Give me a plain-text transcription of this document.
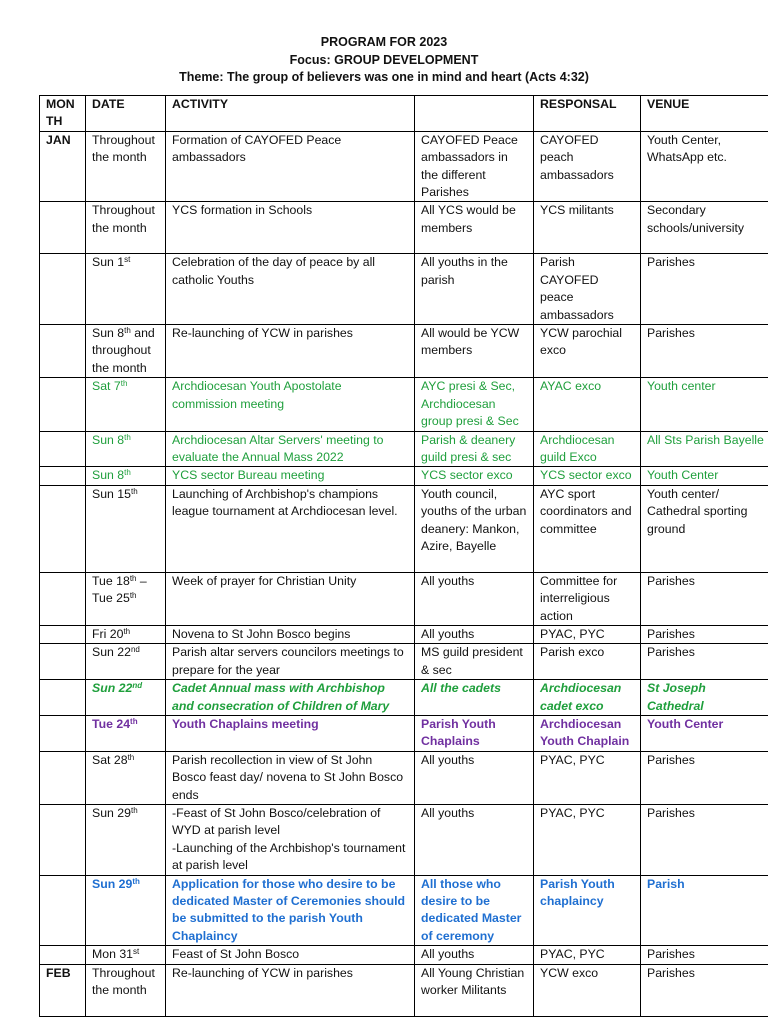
PROGRAM FOR 2023
Focus: GROUP DEVELOPMENT
Theme: The group of believers was one in mind and heart (Acts 4:32)
MON TH	DATE	ACTIVITY		RESPONSAL	VENUE
JAN	Throughout the month	Formation of CAYOFED Peace ambassadors	CAYOFED Peace ambassadors in the different Parishes	CAYOFED peach ambassadors	Youth Center, WhatsApp etc.
	Throughout the month	YCS formation in Schools	All YCS would be members	YCS militants	Secondary schools/university
	Sun 1st	Celebration of the day of peace by all catholic Youths	All youths in the parish	Parish CAYOFED peace ambassadors	Parishes
	Sun 8th and throughout the month	Re-launching of YCW in parishes	All would be YCW members	YCW parochial exco	Parishes
	Sat 7th	Archdiocesan Youth Apostolate commission meeting	AYC presi & Sec, Archdiocesan group presi & Sec	AYAC exco	Youth center
	Sun 8th	Archdiocesan Altar Servers' meeting to evaluate the Annual Mass 2022	Parish & deanery guild presi & sec	Archdiocesan guild Exco	All Sts Parish Bayelle
	Sun 8th	YCS sector Bureau meeting	YCS sector exco	YCS sector exco	Youth Center
	Sun 15th	Launching of Archbishop's champions league tournament at Archdiocesan level.	Youth council, youths of the urban deanery: Mankon, Azire, Bayelle	AYC sport coordinators and committee	Youth center/ Cathedral sporting ground
	Tue 18th – Tue 25th	Week of prayer for Christian Unity	All youths	Committee for interreligious action	Parishes
	Fri 20th	Novena to St John Bosco begins	All youths	PYAC, PYC	Parishes
	Sun 22nd	Parish altar servers councilors meetings to prepare for the year	MS guild president & sec	Parish exco	Parishes
	Sun 22nd	Cadet Annual mass with Archbishop and consecration of Children of Mary	All the cadets	Archdiocesan cadet exco	St Joseph Cathedral
	Tue 24th	Youth Chaplains meeting	Parish Youth Chaplains	Archdiocesan Youth Chaplain	Youth Center
	Sat 28th	Parish recollection in view of St John Bosco feast day/ novena to St John Bosco ends	All youths	PYAC, PYC	Parishes
	Sun 29th	-Feast of St John Bosco/celebration of WYD at parish level
-Launching of the Archbishop's tournament at parish level	All youths	PYAC, PYC	Parishes
	Sun 29th	Application for those who desire to be dedicated Master of Ceremonies should be submitted to the parish Youth Chaplaincy	All those who desire to be dedicated Master of ceremony	Parish Youth chaplaincy	Parish
	Mon 31st	Feast of St John Bosco	All youths	PYAC, PYC	Parishes
FEB	Throughout the month	Re-launching of YCW in parishes	All Young Christian worker Militants	YCW exco	Parishes
